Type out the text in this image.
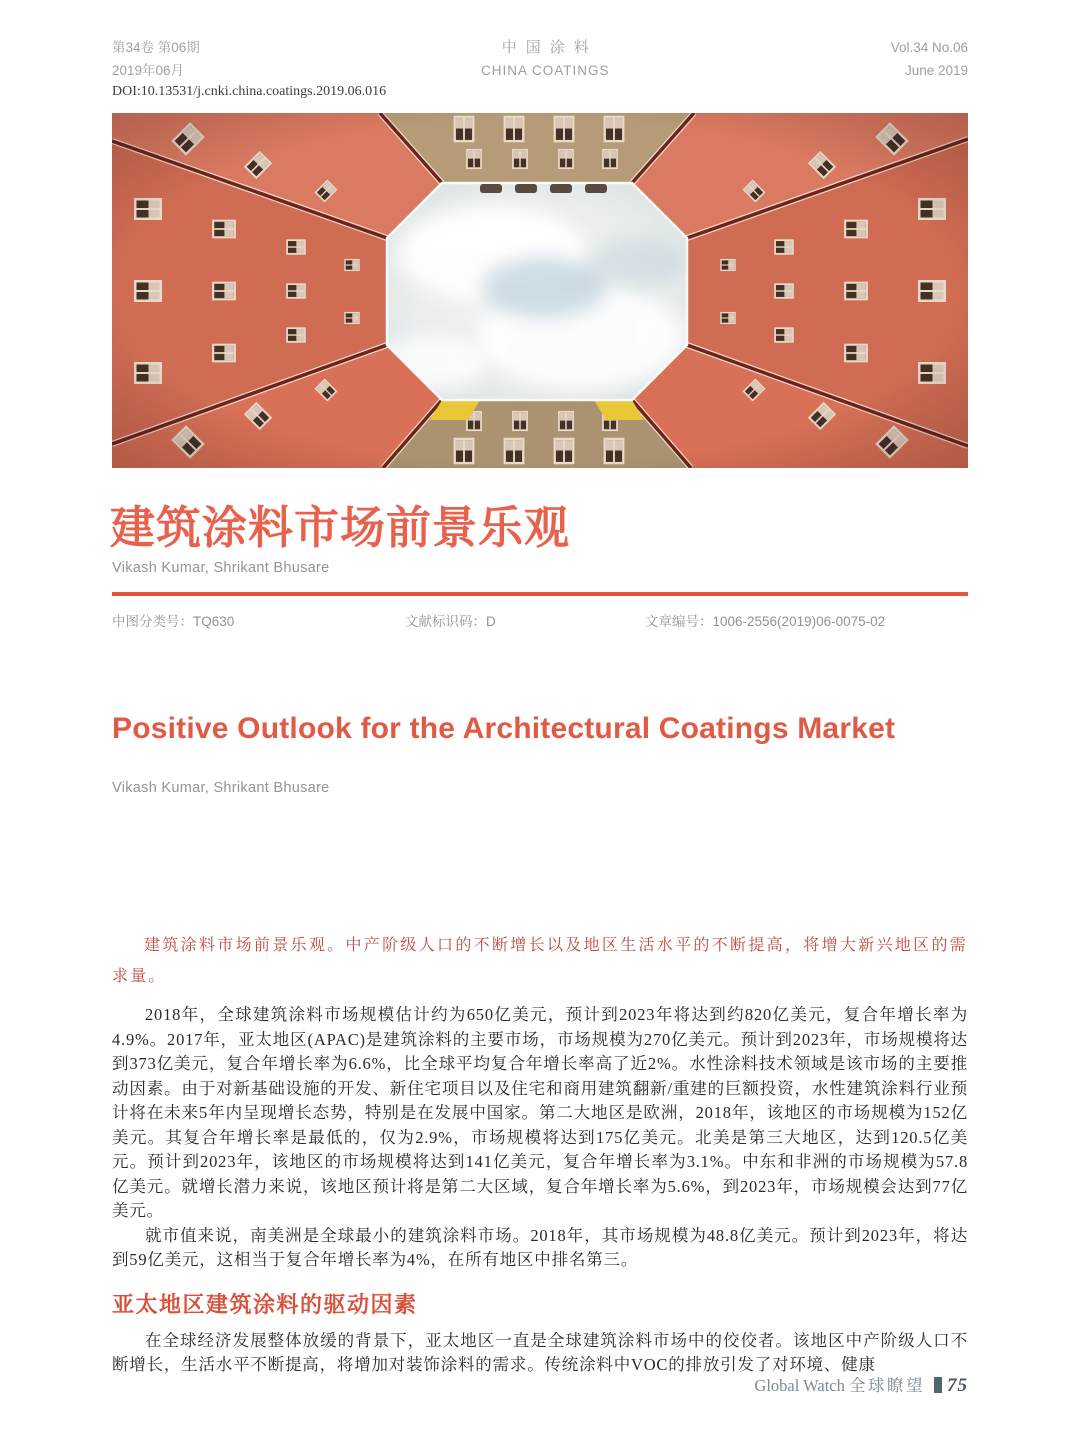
第34卷 第06期
2019年06月
中国涂料
CHINA COATINGS
Vol.34 No.06
June 2019
DOI:10.13531/j.cnki.china.coatings.2019.06.016
建筑涂料市场前景乐观
Vikash Kumar, Shrikant Bhusare
中图分类号：TQ630	文献标识码：D	文章编号：1006-2556(2019)06-0075-02
Positive Outlook for the Architectural Coatings Market
Vikash Kumar, Shrikant Bhusare

建筑涂料市场前景乐观。中产阶级人口的不断增长以及地区生活水平的不断提高，将增大新兴地区的需求量。

2018年，全球建筑涂料市场规模估计约为650亿美元，预计到2023年将达到约820亿美元，复合年增长率为4.9%。2017年，亚太地区(APAC)是建筑涂料的主要市场，市场规模为270亿美元。预计到2023年，市场规模将达到373亿美元，复合年增长率为6.6%，比全球平均复合年增长率高了近2%。水性涂料技术领域是该市场的主要推动因素。由于对新基础设施的开发、新住宅项目以及住宅和商用建筑翻新/重建的巨额投资，水性建筑涂料行业预计将在未来5年内呈现增长态势，特别是在发展中国家。第二大地区是欧洲，2018年，该地区的市场规模为152亿美元。其复合年增长率是最低的，仅为2.9%，市场规模将达到175亿美元。北美是第三大地区，达到120.5亿美元。预计到2023年，该地区的市场规模将达到141亿美元，复合年增长率为3.1%。中东和非洲的市场规模为57.8亿美元。就增长潜力来说，该地区预计将是第二大区域，复合年增长率为5.6%，到2023年，市场规模会达到77亿美元。

就市值来说，南美洲是全球最小的建筑涂料市场。2018年，其市场规模为48.8亿美元。预计到2023年，将达到59亿美元，这相当于复合年增长率为4%，在所有地区中排名第三。

亚太地区建筑涂料的驱动因素

在全球经济发展整体放缓的背景下，亚太地区一直是全球建筑涂料市场中的佼佼者。该地区中产阶级人口不断增长，生活水平不断提高，将增加对装饰涂料的需求。传统涂料中VOC的排放引发了对环境、健康

Global Watch 全球瞭望 75
